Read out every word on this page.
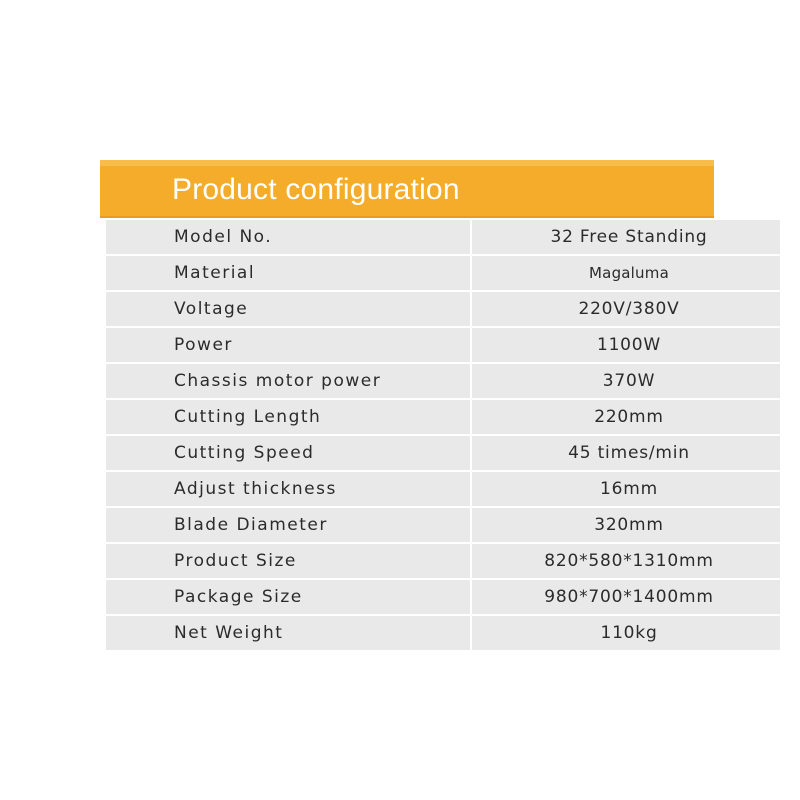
Product configuration
Model No.	32 Free Standing
Material	Magaluma
Voltage	220V/380V
Power	1100W
Chassis motor power	370W
Cutting Length	220mm
Cutting Speed	45 times/min
Adjust thickness	16mm
Blade Diameter	320mm
Product Size	820*580*1310mm
Package Size	980*700*1400mm
Net Weight	110kg
